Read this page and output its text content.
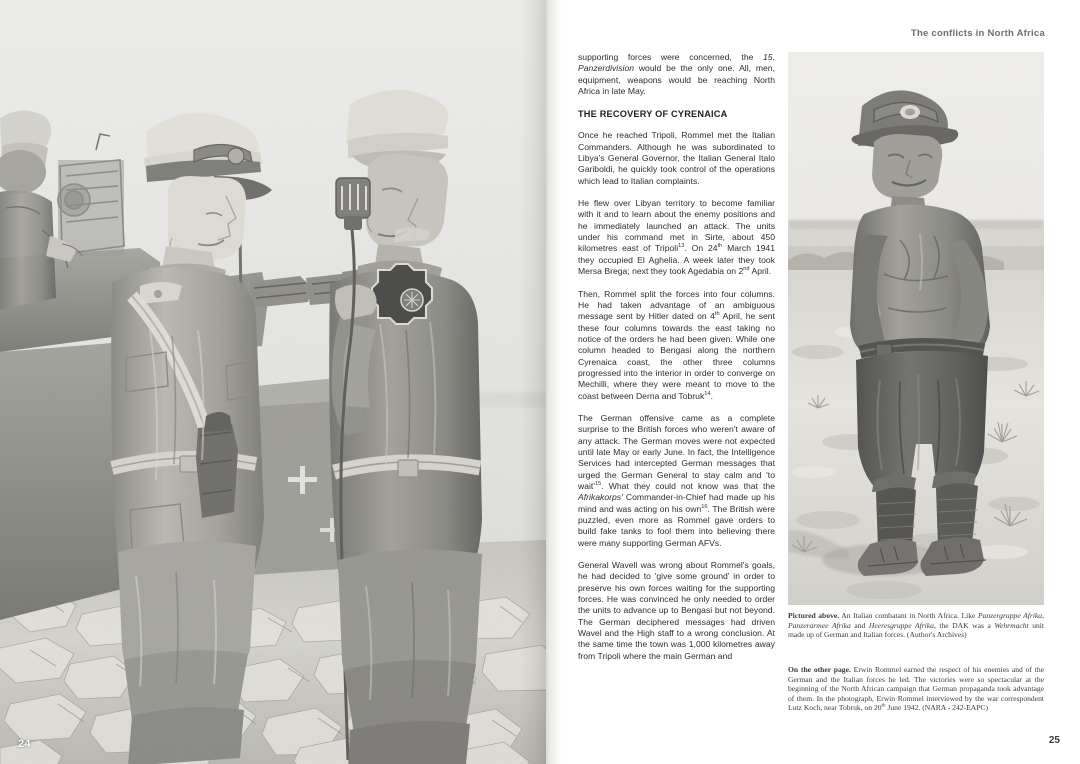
24
The conflicts in North Africa

supporting forces were concerned, the 15. Panzerdivision would be the only one. All, men, equipment, weapons would be reaching North Africa in late May.

THE RECOVERY OF CYRENAICA

Once he reached Tripoli, Rommel met the Italian Commanders. Although he was subordinated to Libya's General Governor, the Italian General Italo Gariboldi, he quickly took control of the operations which lead to Italian complaints.

He flew over Libyan territory to become familiar with it and to learn about the enemy positions and he immediately launched an attack. The units under his command met in Sirte, about 450 kilometres east of Tripoli$^{13}$. On 24th March 1941 they occupied El Aghelia. A week later they took Mersa Brega; next they took Agedabia on 2nd April.

Then, Rommel split the forces into four columns. He had taken advantage of an ambiguous message sent by Hitler dated on 4th April, he sent these four columns towards the east taking no notice of the orders he had been given. While one column headed to Bengasi along the northern Cyrenaica coast, the other three columns progressed into the interior in order to converge on Mechilli, where they were meant to move to the coast between Derna and Tobruk$^{14}$.

The German offensive came as a complete surprise to the British forces who weren't aware of any attack. The German moves were not expected until late May or early June. In fact, the Intelligence Services had intercepted German messages that urged the German General to stay calm and 'to $wait'^{15}$. What they could not know was that the Afrikakorps' Commander-in-Chief had made up his mind and was acting on his own$^{16}$. The British were puzzled, even more as Rommel gave orders to build fake tanks to fool them into believing there were many supporting German AFVs.

General Wavell was wrong about Rommel's goals, he had decided to 'give some ground' in order to preserve his own forces waiting for the supporting forces. He was convinced he only needed to order the units to advance up to Bengasi but not beyond. The German deciphered messages had driven Wavel and the High staff to a wrong conclusion. At the same time the town was 1,000 kilometres away from Tripoli where the main German and

Pictured above. An Italian combatant in North Africa. Like Panzergruppe Afrika, Panzerarmee Afrika and Heeresgruppe Afrika, the DAK was a Wehrmacht unit made up of German and Italian forces. (Author's Archives)
On the other page. Erwin Rommel earned the respect of his enemies and of the German and the Italian forces he led. The victories were so spectacular at the beginning of the North African campaign that German propaganda took advantage of them. In the photograph, Erwin Rommel interviewed by the war correspondent Lutz Koch, near Tobruk, on 20th June 1942. (NARA - 242-EAPC)
25
